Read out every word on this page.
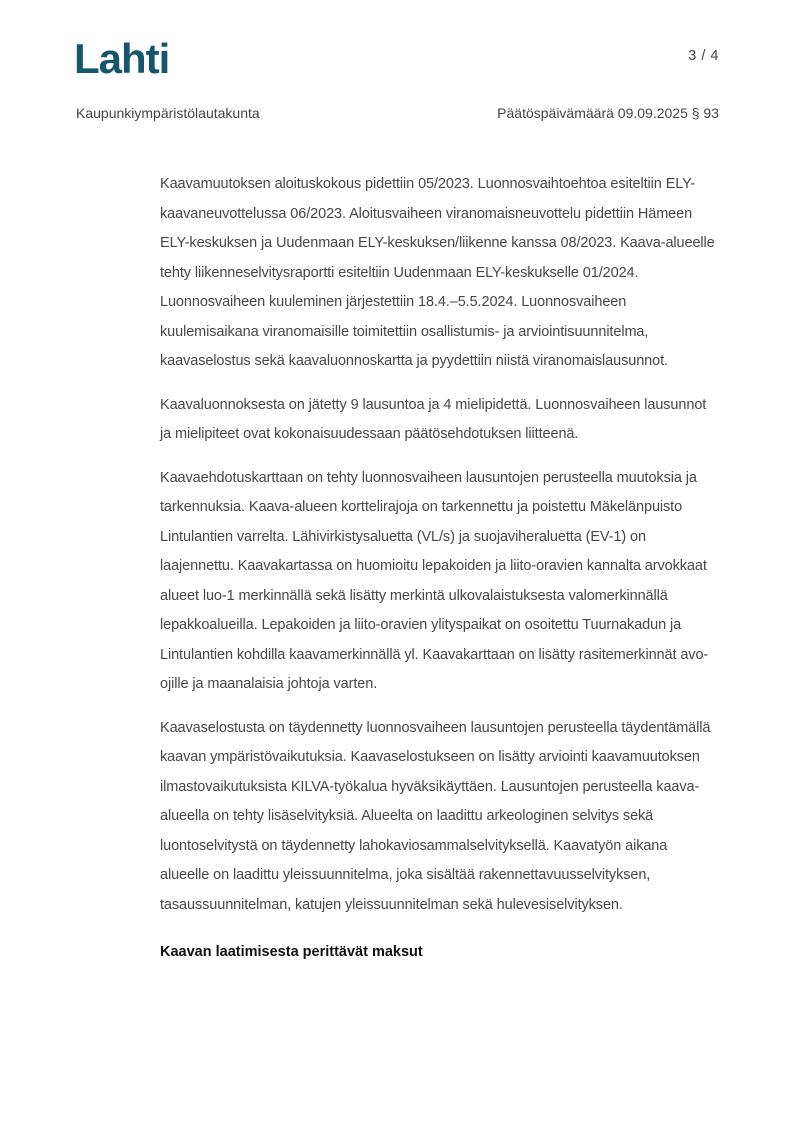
Lahti	3 / 4
Kaupunkiympäristölautakunta	Päätöspäivämäärä 09.09.2025 § 93

Kaavamuutoksen aloituskokous pidettiin 05/2023. Luonnosvaihtoehtoa esiteltiin ELY-kaavaneuvottelussa 06/2023. Aloitusvaiheen viranomaisneuvottelu pidettiin Hämeen ELY-keskuksen ja Uudenmaan ELY-keskuksen/liikenne kanssa 08/2023. Kaava-alueelle tehty liikenneselvitysraportti esiteltiin Uudenmaan ELY-keskukselle 01/2024. Luonnosvaiheen kuuleminen järjestettiin 18.4.–5.5.2024. Luonnosvaiheen kuulemisaikana viranomaisille toimitettiin osallistumis- ja arviointisuunnitelma, kaavaselostus sekä kaavaluonnoskartta ja pyydettiin niistä viranomaislausunnot.

Kaavaluonnoksesta on jätetty 9 lausuntoa ja 4 mielipidettä. Luonnosvaiheen lausunnot ja mielipiteet ovat kokonaisuudessaan päätösehdotuksen liitteenä.

Kaavaehdotuskarttaan on tehty luonnosvaiheen lausuntojen perusteella muutoksia ja tarkennuksia. Kaava-alueen korttelirajoja on tarkennettu ja poistettu Mäkelänpuisto Lintulantien varrelta. Lähivirkistysaluetta (VL/s) ja suojaviheraluetta (EV-1) on laajennettu. Kaavakartassa on huomioitu lepakoiden ja liito-oravien kannalta arvokkaat alueet luo-1 merkinnällä sekä lisätty merkintä ulkovalaistuksesta valomerkinnällä lepakkoalueilla. Lepakoiden ja liito-oravien ylityspaikat on osoitettu Tuurnakadun ja Lintulantien kohdilla kaavamerkinnällä yl. Kaavakarttaan on lisätty rasitemerkinnät avo-ojille ja maanalaisia johtoja varten.

Kaavaselostusta on täydennetty luonnosvaiheen lausuntojen perusteella täydentämällä kaavan ympäristövaikutuksia. Kaavaselostukseen on lisätty arviointi kaavamuutoksen ilmastovaikutuksista KILVA-työkalua hyväksikäyttäen. Lausuntojen perusteella kaava-alueella on tehty lisäselvityksiä. Alueelta on laadittu arkeologinen selvitys sekä luontoselvitystä on täydennetty lahokaviosammalselvityksellä. Kaavatyön aikana alueelle on laadittu yleissuunnitelma, joka sisältää rakennettavuusselvityksen, tasaussuunnitelman, katujen yleissuunnitelman sekä hulevesiselvityksen.

Kaavan laatimisesta perittävät maksut
